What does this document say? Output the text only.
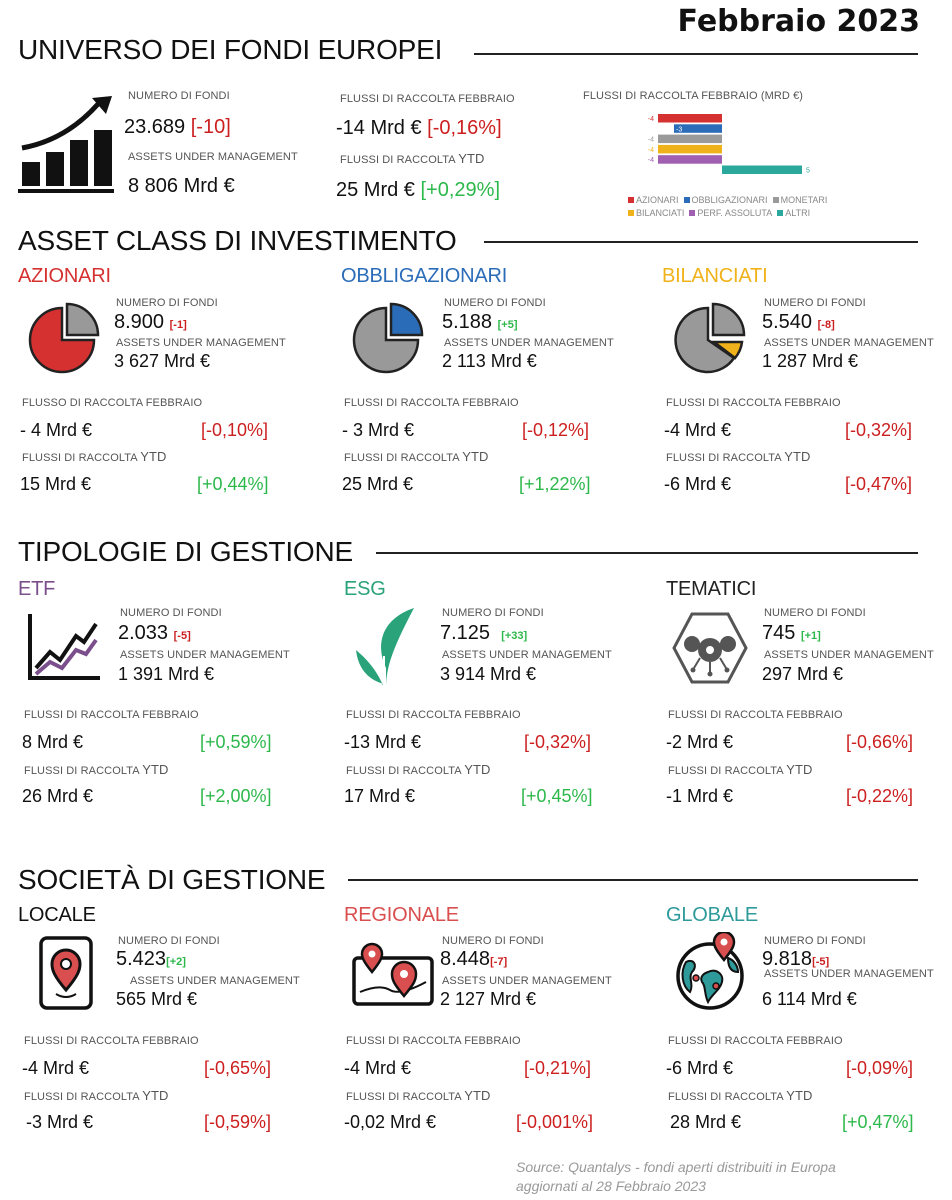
Febbraio 2023
UNIVERSO DEI FONDI EUROPEI
NUMERO DI FONDI
23.689 [-10]
ASSETS UNDER MANAGEMENT
8 806 Mrd €
FLUSSI DI RACCOLTA FEBBRAIO
-14 Mrd € [-0,16%]
FLUSSI DI RACCOLTA YTD
25 Mrd € [+0,29%]
FLUSSI DI RACCOLTA FEBBRAIO (MRD €)
-4
-3
-4
-4
-4
5
AZIONARI OBBLIGAZIONARI MONETARI
BILANCIATI PERF. ASSOLUTA ALTRI
ASSET CLASS DI INVESTIMENTO
AZIONARI
NUMERO DI FONDI
8.900 [-1]
ASSETS UNDER MANAGEMENT
3 627 Mrd €
FLUSSO DI RACCOLTA FEBBRAIO
- 4 Mrd €	[-0,10%]
FLUSSI DI RACCOLTA YTD
15 Mrd €	[+0,44%]
OBBLIGAZIONARI
NUMERO DI FONDI
5.188 [+5]
ASSETS UNDER MANAGEMENT
2 113 Mrd €
FLUSSI DI RACCOLTA FEBBRAIO
- 3 Mrd €	[-0,12%]
FLUSSI DI RACCOLTA YTD
25 Mrd €	[+1,22%]
BILANCIATI
NUMERO DI FONDI
5.540 [-8]
ASSETS UNDER MANAGEMENT
1 287 Mrd €
FLUSSI DI RACCOLTA FEBBRAIO
-4 Mrd €	[-0,32%]
FLUSSI DI RACCOLTA YTD
-6 Mrd €	[-0,47%]
TIPOLOGIE DI GESTIONE
ETF
NUMERO DI FONDI
2.033 [-5]
ASSETS UNDER MANAGEMENT
1 391 Mrd €
FLUSSI DI RACCOLTA FEBBRAIO
8 Mrd €	[+0,59%]
FLUSSI DI RACCOLTA YTD
26 Mrd €	[+2,00%]
ESG
NUMERO DI FONDI
7.125 [+33]
ASSETS UNDER MANAGEMENT
3 914 Mrd €
FLUSSI DI RACCOLTA FEBBRAIO
-13 Mrd €	[-0,32%]
FLUSSI DI RACCOLTA YTD
17 Mrd €	[+0,45%]
TEMATICI
NUMERO DI FONDI
745 [+1]
ASSETS UNDER MANAGEMENT
297 Mrd €
FLUSSI DI RACCOLTA FEBBRAIO
-2 Mrd €	[-0,66%]
FLUSSI DI RACCOLTA YTD
-1 Mrd €	[-0,22%]
SOCIETÀ DI GESTIONE
LOCALE
NUMERO DI FONDI
5.423[+2]
ASSETS UNDER MANAGEMENT
565 Mrd €
FLUSSI DI RACCOLTA FEBBRAIO
-4 Mrd €	[-0,65%]
FLUSSI DI RACCOLTA YTD
-3 Mrd €	[-0,59%]
REGIONALE
NUMERO DI FONDI
8.448[-7]
ASSETS UNDER MANAGEMENT
2 127 Mrd €
FLUSSI DI RACCOLTA FEBBRAIO
-4 Mrd €	[-0,21%]
FLUSSI DI RACCOLTA YTD
-0,02 Mrd €	[-0,001%]
GLOBALE
NUMERO DI FONDI
9.818[-5]
ASSETS UNDER MANAGEMENT
6 114 Mrd €
FLUSSI DI RACCOLTA FEBBRAIO
-6 Mrd €	[-0,09%]
FLUSSI DI RACCOLTA YTD
28 Mrd €	[+0,47%]
Source: Quantalys - fondi aperti distribuiti in Europa
aggiornati al 28 Febbraio 2023
